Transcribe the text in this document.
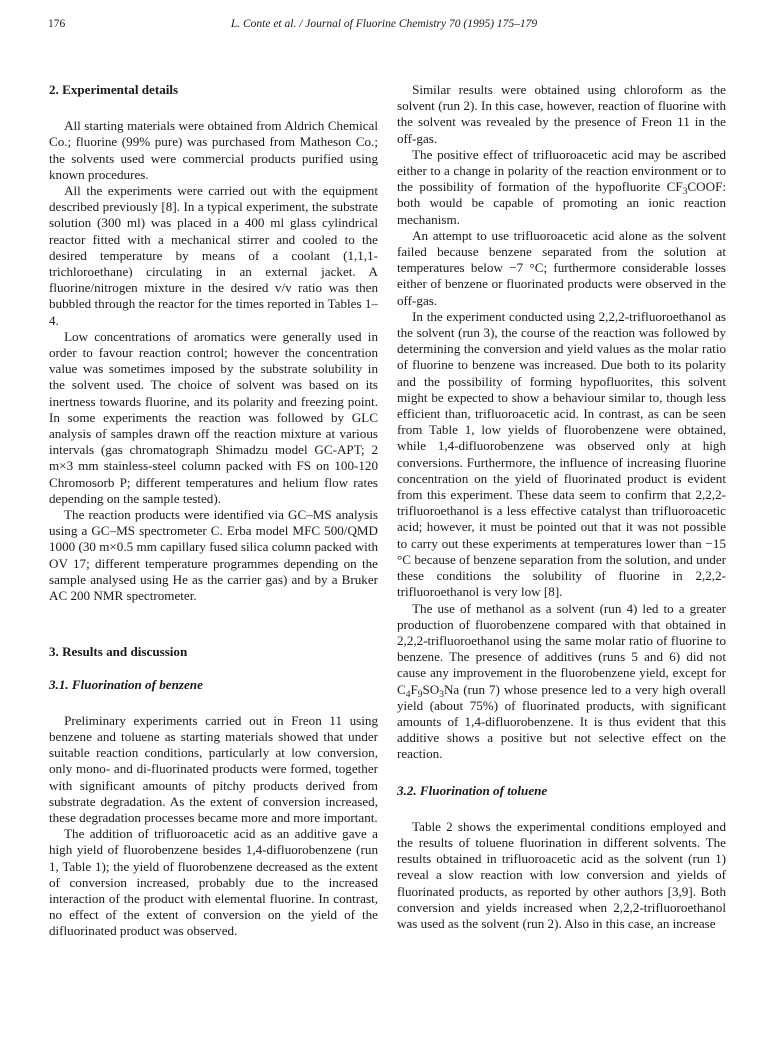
176	L. Conte et al. / Journal of Fluorine Chemistry 70 (1995) 175–179
2. Experimental details

All starting materials were obtained from Aldrich Chemical Co.; fluorine (99% pure) was purchased from Matheson Co.; the solvents used were commercial products purified using known procedures.

All the experiments were carried out with the equipment described previously [8]. In a typical experiment, the substrate solution (300 ml) was placed in a 400 ml glass cylindrical reactor fitted with a mechanical stirrer and cooled to the desired temperature by means of a coolant (1,1,1-trichloroethane) circulating in an external jacket. A fluorine/nitrogen mixture in the desired v/v ratio was then bubbled through the reactor for the times reported in Tables 1–4.

Low concentrations of aromatics were generally used in order to favour reaction control; however the concentration value was sometimes imposed by the substrate solubility in the solvent used. The choice of solvent was based on its inertness towards fluorine, and its polarity and freezing point. In some experiments the reaction was followed by GLC analysis of samples drawn off the reaction mixture at various intervals (gas chromatograph Shimadzu model GC-APT; 2 m×3 mm stainless-steel column packed with FS on 100-120 Chromosorb P; different temperatures and helium flow rates depending on the sample tested).

The reaction products were identified via GC–MS analysis using a GC–MS spectrometer C. Erba model MFC 500/QMD 1000 (30 m×0.5 mm capillary fused silica column packed with OV 17; different temperature programmes depending on the sample analysed using He as the carrier gas) and by a Bruker AC 200 NMR spectrometer.

3. Results and discussion
3.1. Fluorination of benzene

Preliminary experiments carried out in Freon 11 using benzene and toluene as starting materials showed that under suitable reaction conditions, particularly at low conversion, only mono- and di-fluorinated products were formed, together with significant amounts of pitchy products derived from substrate degradation. As the extent of conversion increased, these degradation processes became more and more important.

The addition of trifluoroacetic acid as an additive gave a high yield of fluorobenzene besides 1,4-difluorobenzene (run 1, Table 1); the yield of fluorobenzene decreased as the extent of conversion increased, probably due to the increased interaction of the product with elemental fluorine. In contrast, no effect of the extent of conversion on the yield of the difluorinated product was observed.

Similar results were obtained using chloroform as the solvent (run 2). In this case, however, reaction of fluorine with the solvent was revealed by the presence of Freon 11 in the off-gas.

The positive effect of trifluoroacetic acid may be ascribed either to a change in polarity of the reaction environment or to the possibility of formation of the hypofluorite $CF_3COOF$: both would be capable of promoting an ionic reaction mechanism.

An attempt to use trifluoroacetic acid alone as the solvent failed because benzene separated from the solution at temperatures below −7 °C; furthermore considerable losses either of benzene or fluorinated products were observed in the off-gas.

In the experiment conducted using 2,2,2-trifluoroethanol as the solvent (run 3), the course of the reaction was followed by determining the conversion and yield values as the molar ratio of fluorine to benzene was increased. Due both to its polarity and the possibility of forming hypofluorites, this solvent might be expected to show a behaviour similar to, though less efficient than, trifluoroacetic acid. In contrast, as can be seen from Table 1, low yields of fluorobenzene were obtained, while 1,4-difluorobenzene was observed only at high conversions. Furthermore, the influence of increasing fluorine concentration on the yield of fluorinated product is evident from this experiment. These data seem to confirm that 2,2,2-trifluoroethanol is a less effective catalyst than trifluoroacetic acid; however, it must be pointed out that it was not possible to carry out these experiments at temperatures lower than −15 °C because of benzene separation from the solution, and under these conditions the solubility of fluorine in 2,2,2-trifluoroethanol is very low [8].

The use of methanol as a solvent (run 4) led to a greater production of fluorobenzene compared with that obtained in 2,2,2-trifluoroethanol using the same molar ratio of fluorine to benzene. The presence of additives (runs 5 and 6) did not cause any improvement in the fluorobenzene yield, except for $C_4F_9SO_3Na$ (run 7) whose presence led to a very high overall yield (about 75%) of fluorinated products, with significant amounts of 1,4-difluorobenzene. It is thus evident that this additive shows a positive but not selective effect on the reaction.

3.2. Fluorination of toluene

Table 2 shows the experimental conditions employed and the results of toluene fluorination in different solvents. The results obtained in trifluoroacetic acid as the solvent (run 1) reveal a slow reaction with low conversion and yields of fluorinated products, as reported by other authors [3,9]. Both conversion and yields increased when 2,2,2-trifluoroethanol was used as the solvent (run 2). Also in this case, an increase
